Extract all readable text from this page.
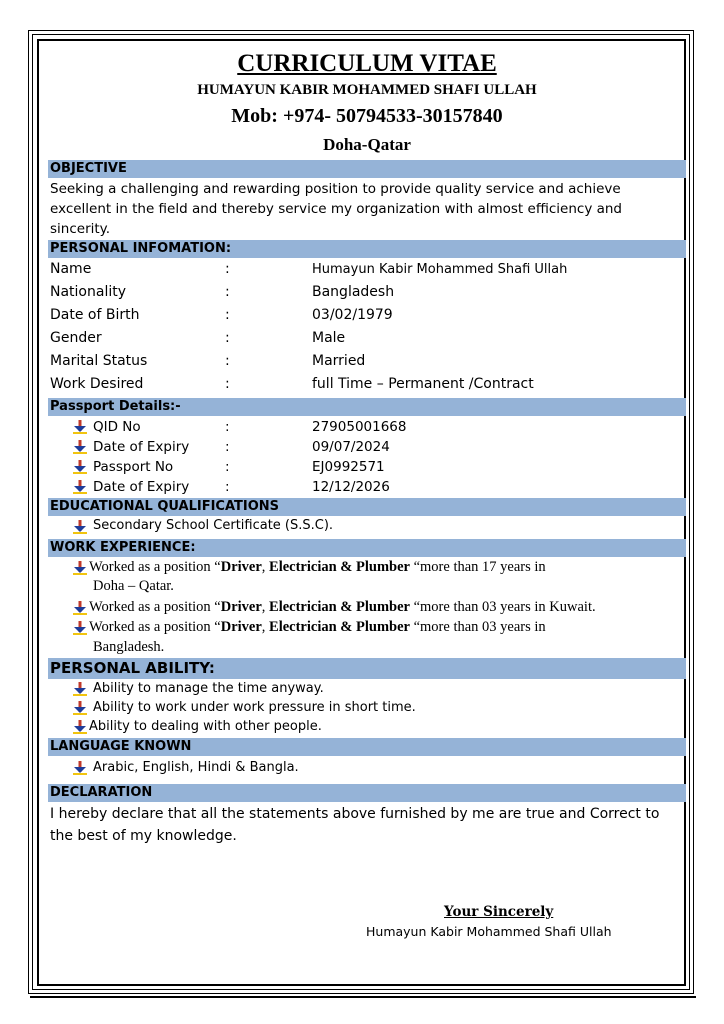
CURRICULUM VITAE
HUMAYUN KABIR MOHAMMED SHAFI ULLAH
Mob: +974- 50794533-30157840
Doha-Qatar
OBJECTIVE
Seeking a challenging and rewarding position to provide quality service and achieve
excellent in the field and thereby service my organization with almost efficiency and
sincerity.
PERSONAL INFOMATION:
Name	:	Humayun Kabir Mohammed Shafi Ullah
Nationality	:	Bangladesh
Date of Birth	:	03/02/1979
Gender	:	Male
Marital Status	:	Married
Work Desired	:	full Time – Permanent /Contract
Passport Details:-
QID No	:	27905001668
Date of Expiry	:	09/07/2024
Passport No	:	EJ0992571
Date of Expiry	:	12/12/2026
EDUCATIONAL QUALIFICATIONS
Secondary School Certificate (S.S.C).
WORK EXPERIENCE:
Worked as a position “Driver, Electrician & Plumber “more than 17 years in
Doha – Qatar.
Worked as a position “Driver, Electrician & Plumber “more than 03 years in Kuwait.
Worked as a position “Driver, Electrician & Plumber “more than 03 years in
Bangladesh.
PERSONAL ABILITY:
Ability to manage the time anyway.
Ability to work under work pressure in short time.
Ability to dealing with other people.
LANGUAGE KNOWN
Arabic, English, Hindi & Bangla.
DECLARATION
I hereby declare that all the statements above furnished by me are true and Correct to
the best of my knowledge.
Your Sincerely
Humayun Kabir Mohammed Shafi Ullah
